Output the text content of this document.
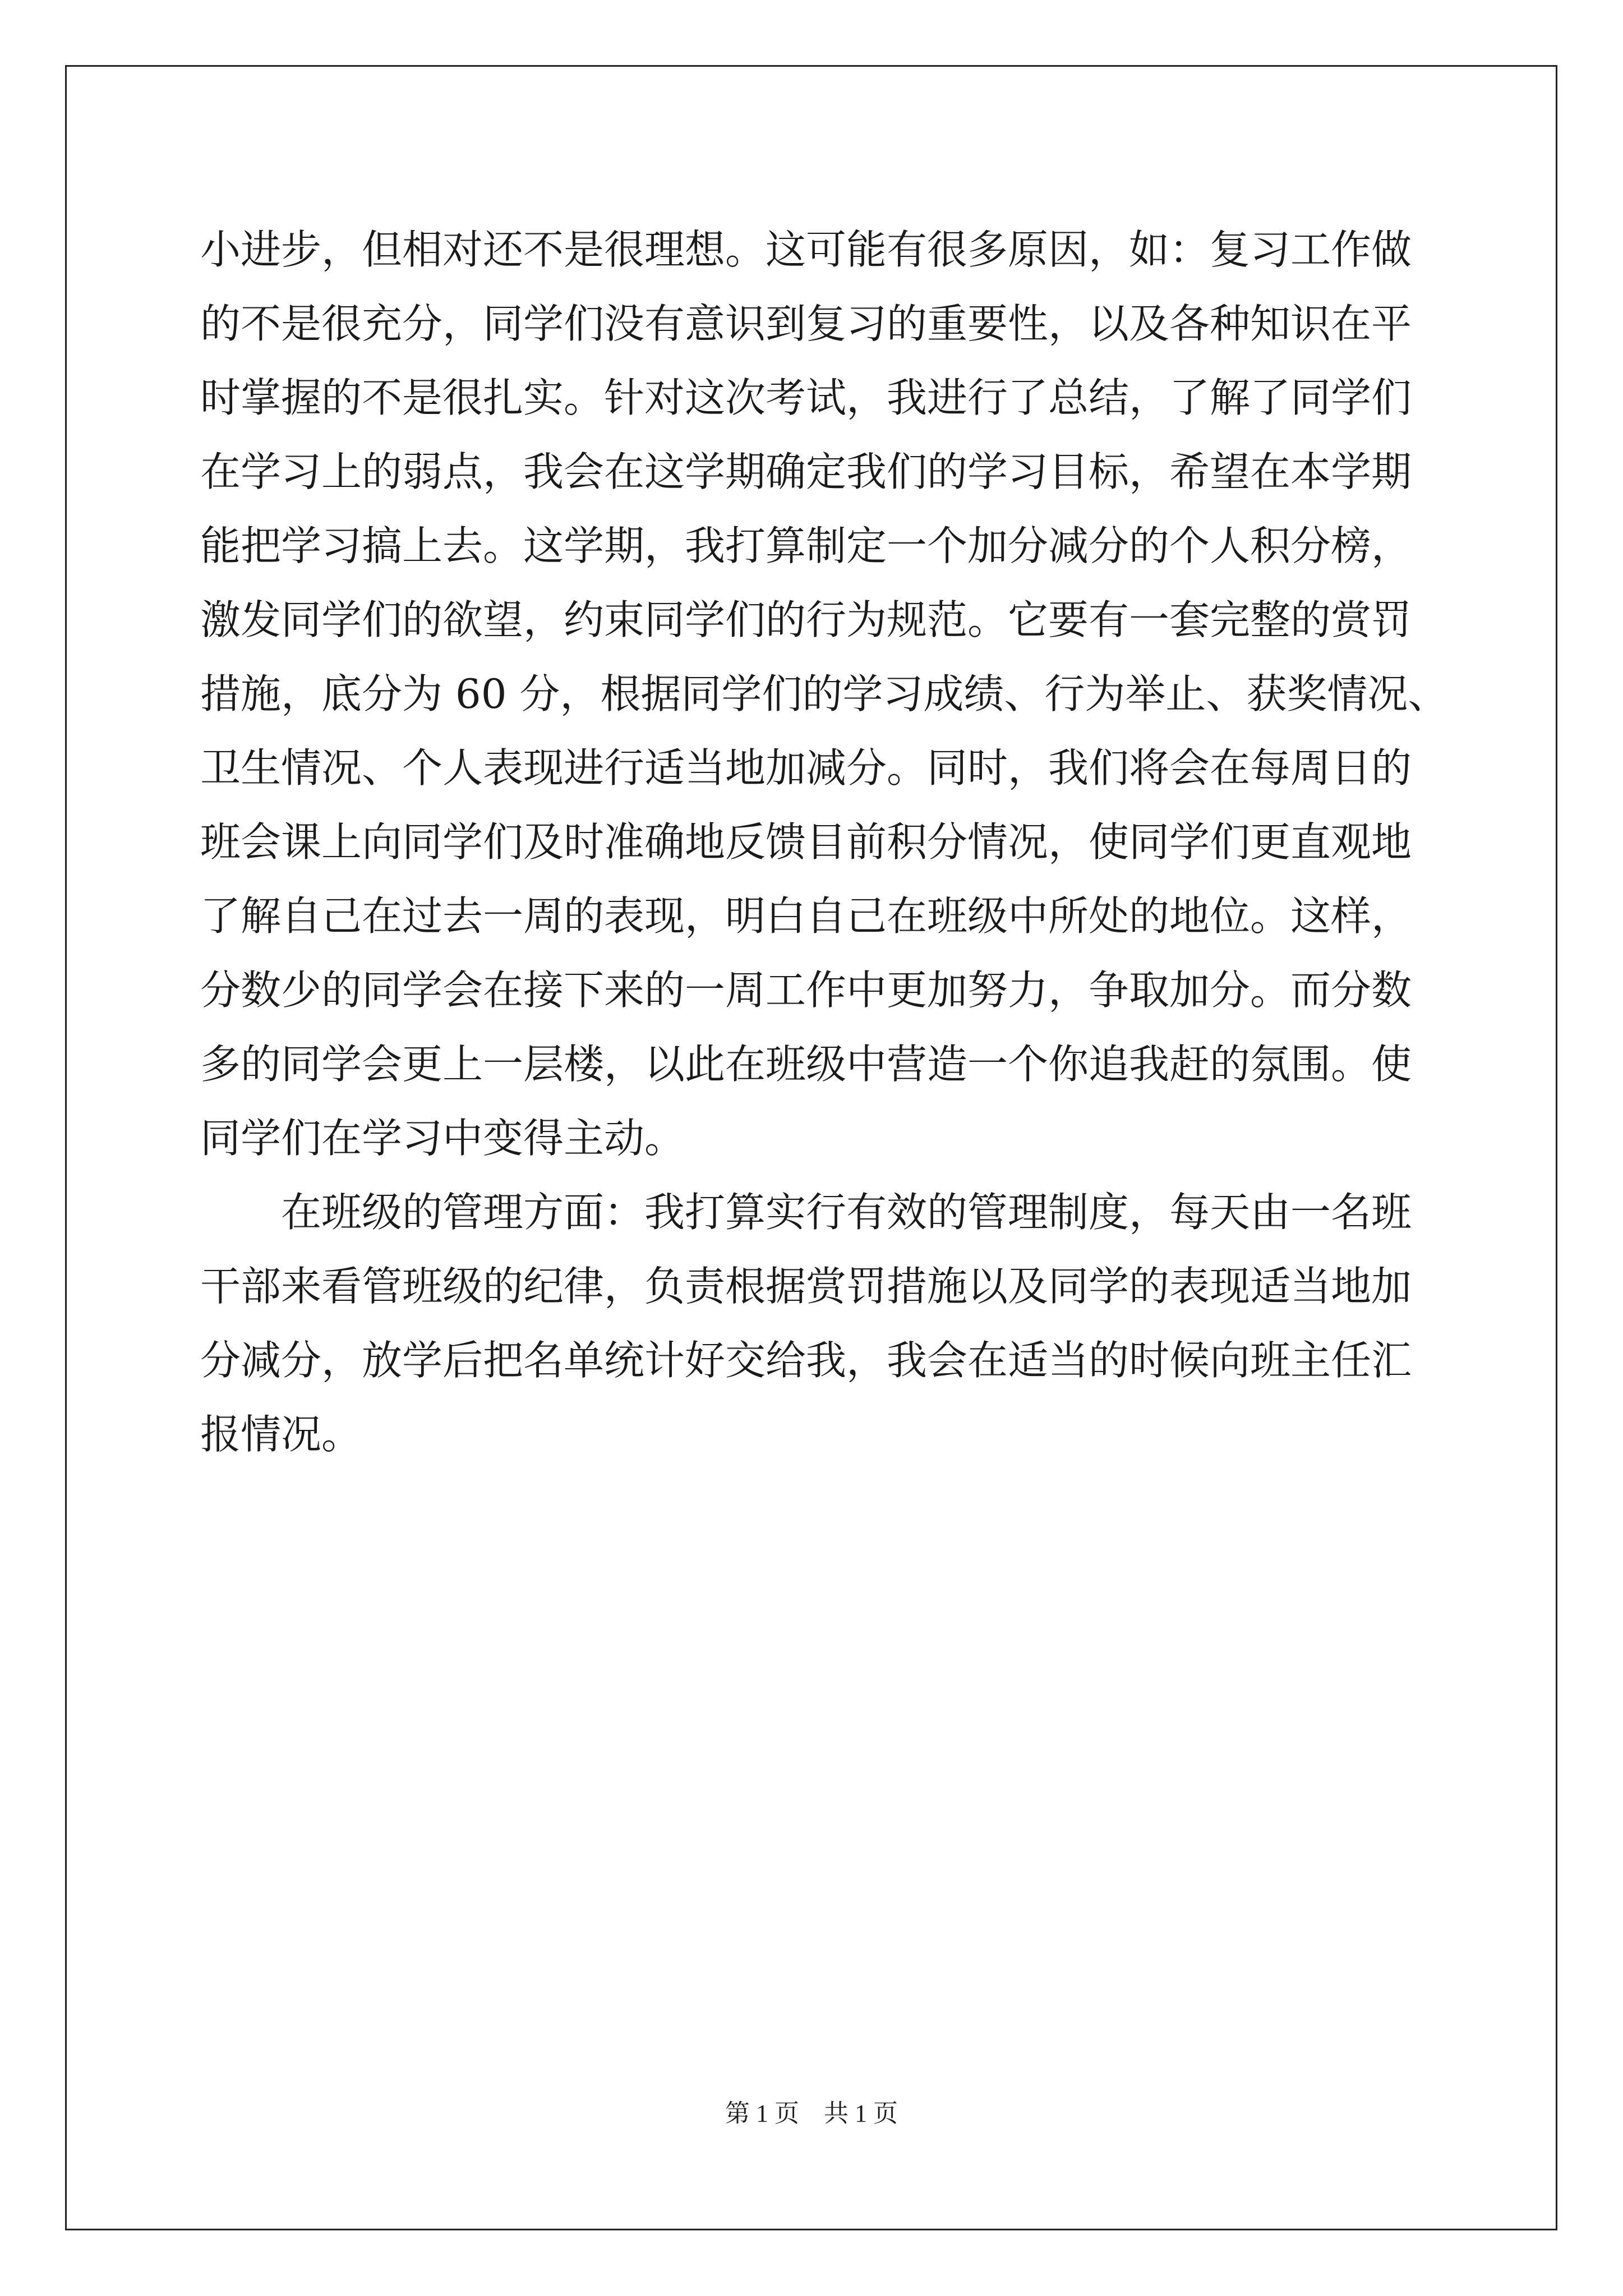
小进步，但相对还不是很理想。这可能有很多原因，如：复习工作做
的不是很充分，同学们没有意识到复习的重要性，以及各种知识在平
时掌握的不是很扎实。针对这次考试，我进行了总结，了解了同学们
在学习上的弱点，我会在这学期确定我们的学习目标，希望在本学期
能把学习搞上去。这学期，我打算制定一个加分减分的个人积分榜，
激发同学们的欲望，约束同学们的行为规范。它要有一套完整的赏罚
措施，底分为 60 分，根据同学们的学习成绩、行为举止、获奖情况、
卫生情况、个人表现进行适当地加减分。同时，我们将会在每周日的
班会课上向同学们及时准确地反馈目前积分情况，使同学们更直观地
了解自己在过去一周的表现，明白自己在班级中所处的地位。这样，
分数少的同学会在接下来的一周工作中更加努力，争取加分。而分数
多的同学会更上一层楼，以此在班级中营造一个你追我赶的氛围。使
同学们在学习中变得主动。
在班级的管理方面：我打算实行有效的管理制度，每天由一名班
干部来看管班级的纪律，负责根据赏罚措施以及同学的表现适当地加
分减分，放学后把名单统计好交给我，我会在适当的时候向班主任汇
报情况。
第 1 页 共 1 页
